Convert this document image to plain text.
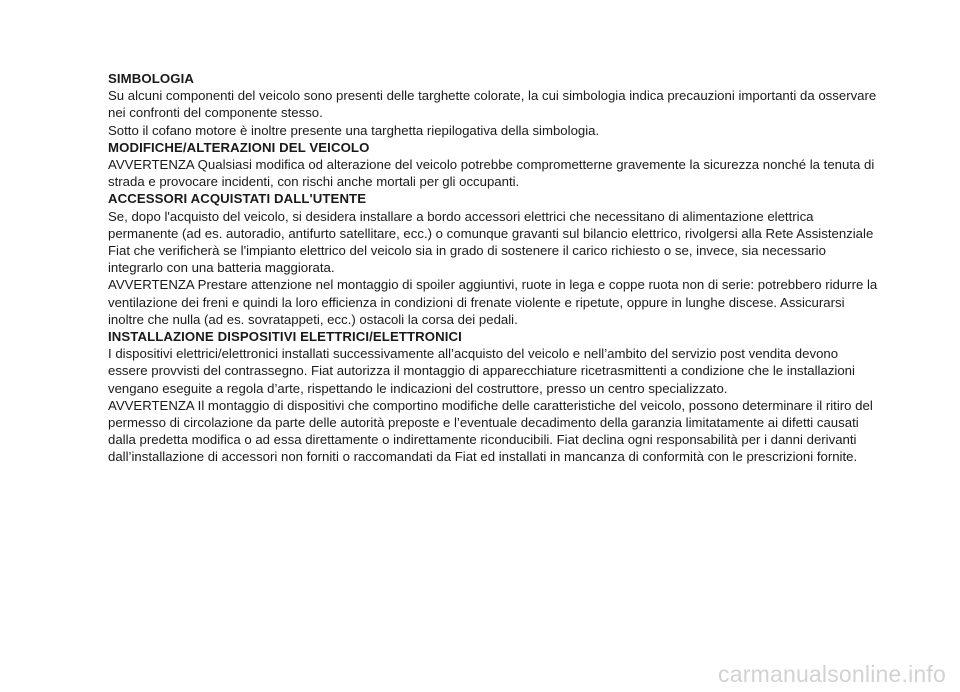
SIMBOLOGIA

Su alcuni componenti del veicolo sono presenti delle targhette colorate, la cui simbologia indica precauzioni importanti da osservare nei confronti del componente stesso.

Sotto il cofano motore è inoltre presente una targhetta riepilogativa della simbologia.

MODIFICHE/ALTERAZIONI DEL VEICOLO

AVVERTENZA Qualsiasi modifica od alterazione del veicolo potrebbe comprometterne gravemente la sicurezza nonché la tenuta di strada e provocare incidenti, con rischi anche mortali per gli occupanti.

ACCESSORI ACQUISTATI DALL'UTENTE

Se, dopo l'acquisto del veicolo, si desidera installare a bordo accessori elettrici che necessitano di alimentazione elettrica permanente (ad es. autoradio, antifurto satellitare, ecc.) o comunque gravanti sul bilancio elettrico, rivolgersi alla Rete Assistenziale Fiat che verificherà se l'impianto elettrico del veicolo sia in grado di sostenere il carico richiesto o se, invece, sia necessario integrarlo con una batteria maggiorata.

AVVERTENZA Prestare attenzione nel montaggio di spoiler aggiuntivi, ruote in lega e coppe ruota non di serie: potrebbero ridurre la ventilazione dei freni e quindi la loro efficienza in condizioni di frenate violente e ripetute, oppure in lunghe discese. Assicurarsi inoltre che nulla (ad es. sovratappeti, ecc.) ostacoli la corsa dei pedali.

INSTALLAZIONE DISPOSITIVI ELETTRICI/ELETTRONICI

I dispositivi elettrici/elettronici installati successivamente all’acquisto del veicolo e nell’ambito del servizio post vendita devono essere provvisti del contrassegno. Fiat autorizza il montaggio di apparecchiature ricetrasmittenti a condizione che le installazioni vengano eseguite a regola d’arte, rispettando le indicazioni del costruttore, presso un centro specializzato.

AVVERTENZA Il montaggio di dispositivi che comportino modifiche delle caratteristiche del veicolo, possono determinare il ritiro del permesso di circolazione da parte delle autorità preposte e l’eventuale decadimento della garanzia limitatamente ai difetti causati dalla predetta modifica o ad essa direttamente o indirettamente riconducibili. Fiat declina ogni responsabilità per i danni derivanti dall’installazione di accessori non forniti o raccomandati da Fiat ed installati in mancanza di conformità con le prescrizioni fornite.

carmanualsonline.info
